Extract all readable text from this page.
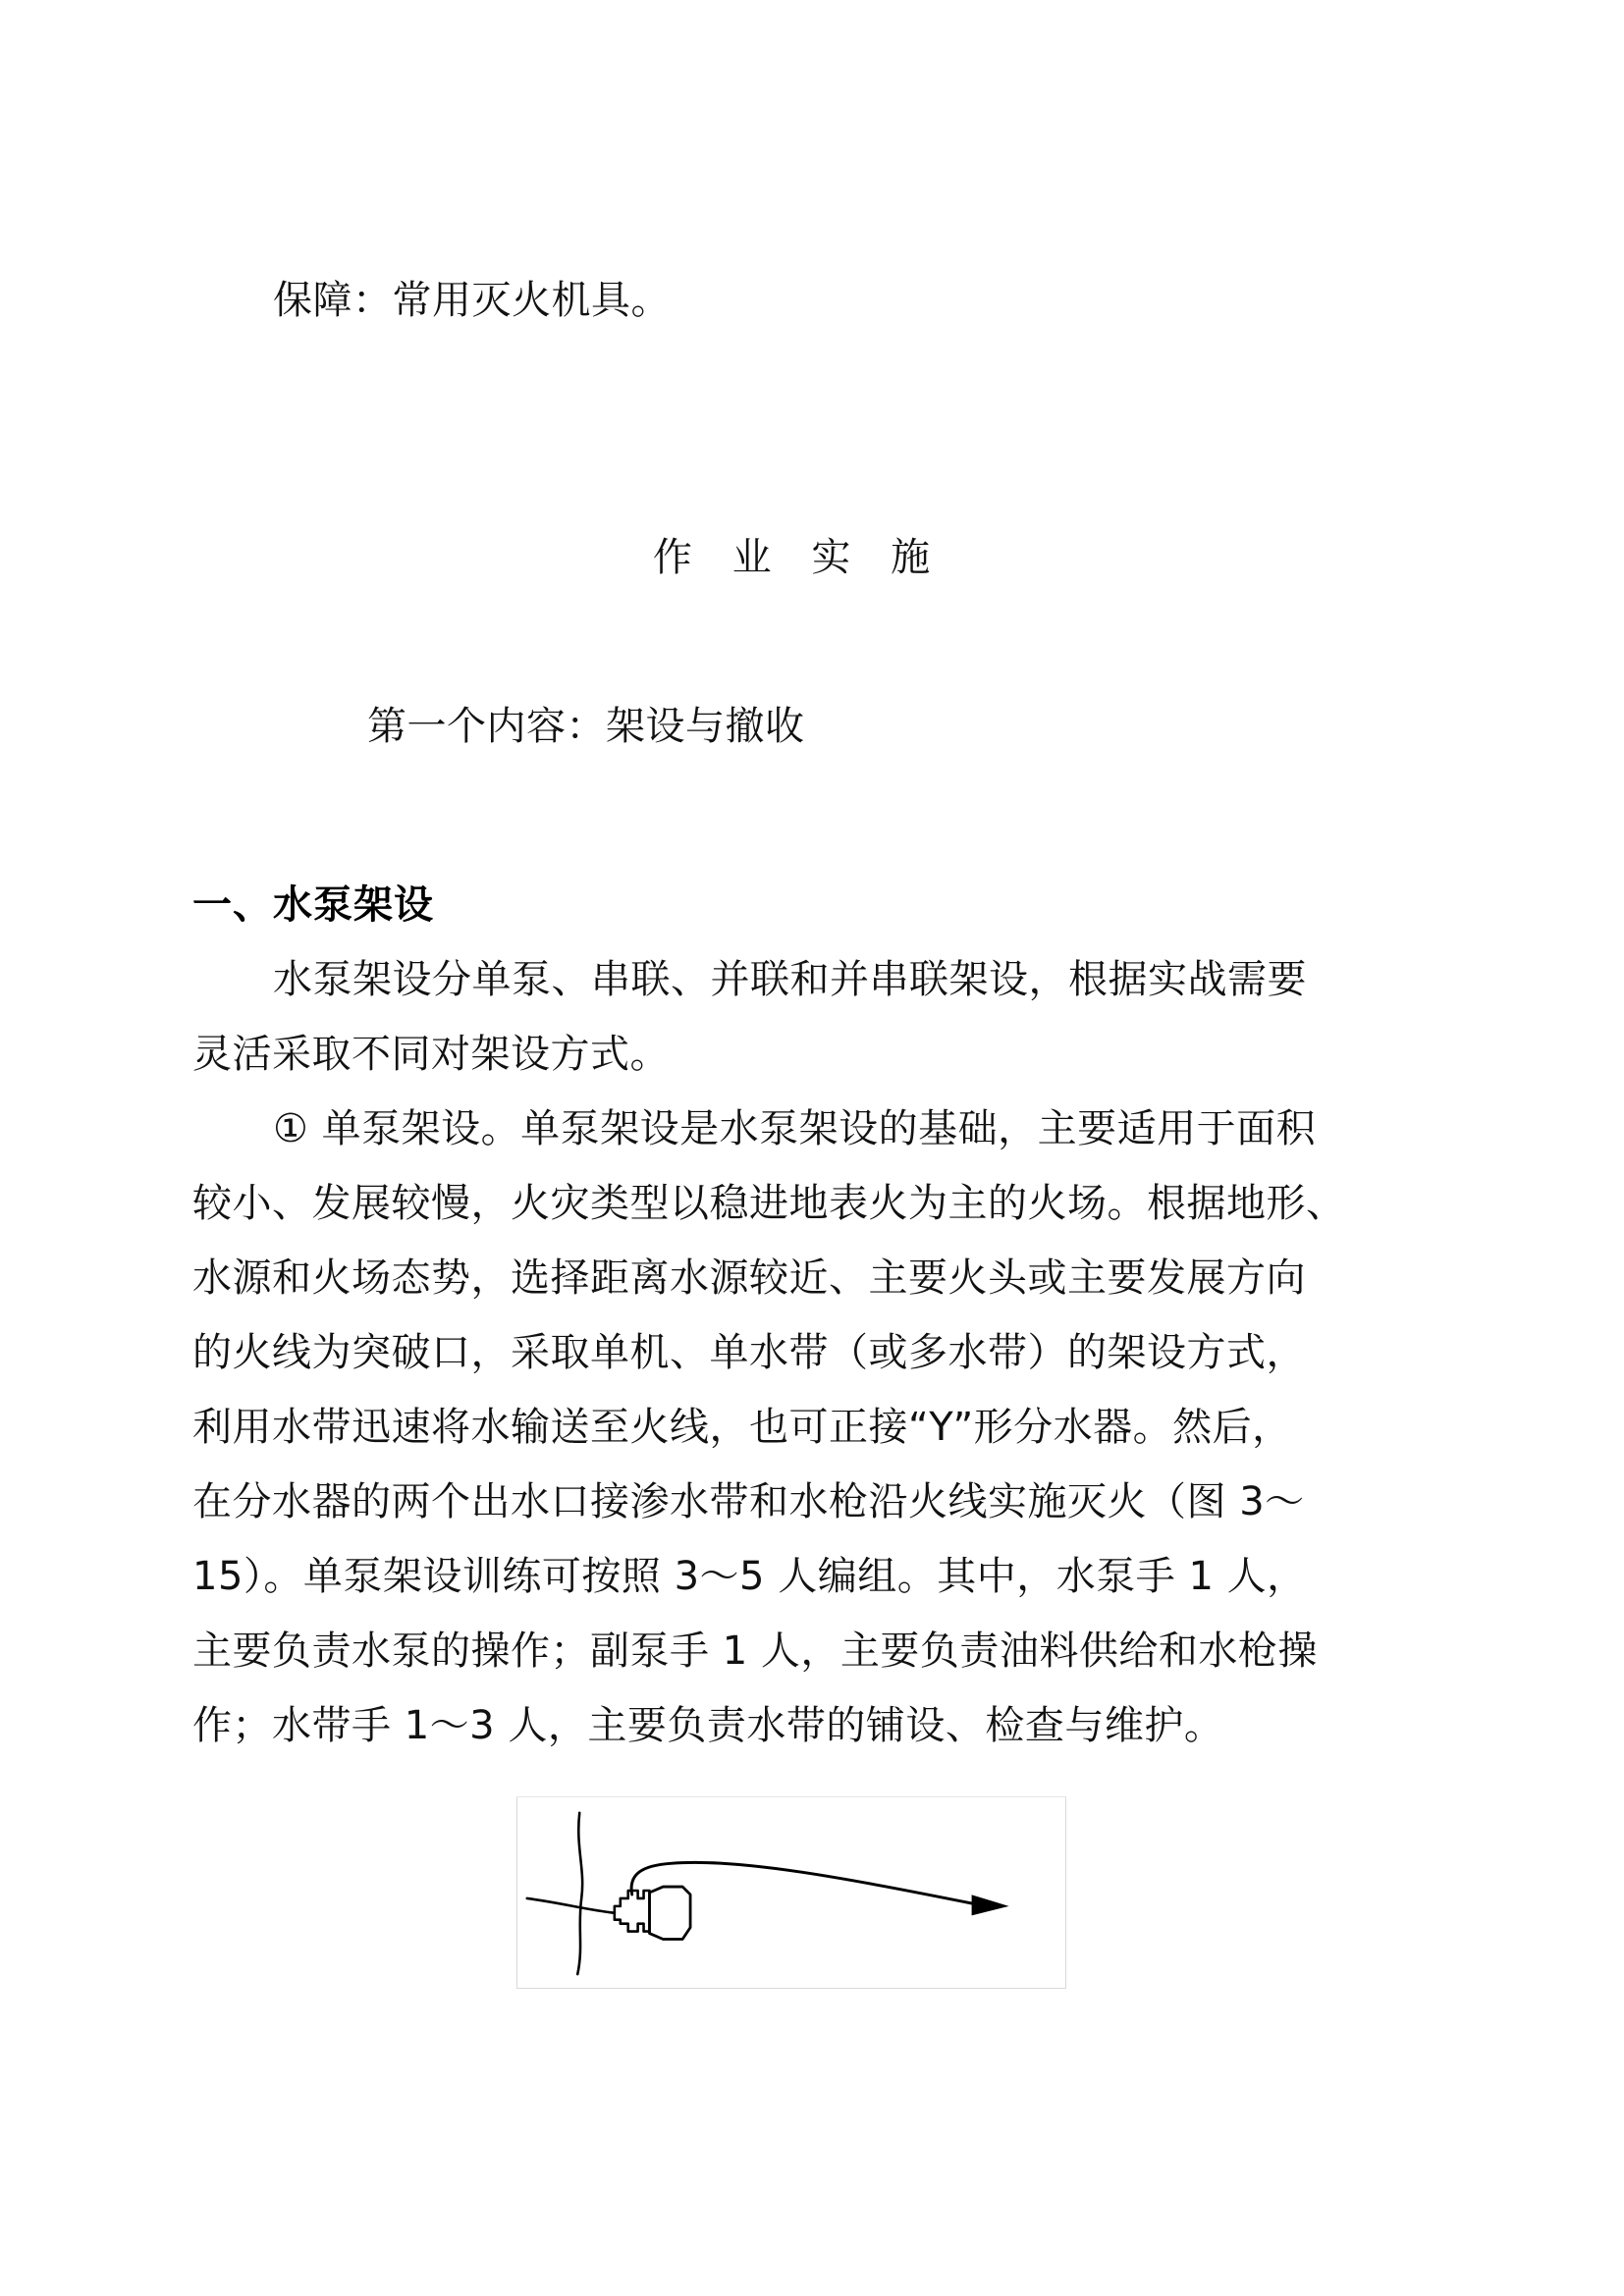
保障：常用灭火机具。
作 业 实 施
第一个内容：架设与撤收
一、水泵架设
水泵架设分单泵、串联、并联和并串联架设，根据实战需要
灵活采取不同对架设方式。
① 单泵架设。单泵架设是水泵架设的基础，主要适用于面积
较小、发展较慢，火灾类型以稳进地表火为主的火场。根据地形、
水源和火场态势，选择距离水源较近、主要火头或主要发展方向
的火线为突破口，采取单机、单水带（或多水带）的架设方式，
利用水带迅速将水输送至火线，也可正接“Y”形分水器。然后，
在分水器的两个出水口接渗水带和水枪沿火线实施灭火（图 3～
15）。单泵架设训练可按照 3～5 人编组。其中，水泵手 1 人，
主要负责水泵的操作；副泵手 1 人，主要负责油料供给和水枪操
作；水带手 1～3 人，主要负责水带的铺设、检查与维护。
